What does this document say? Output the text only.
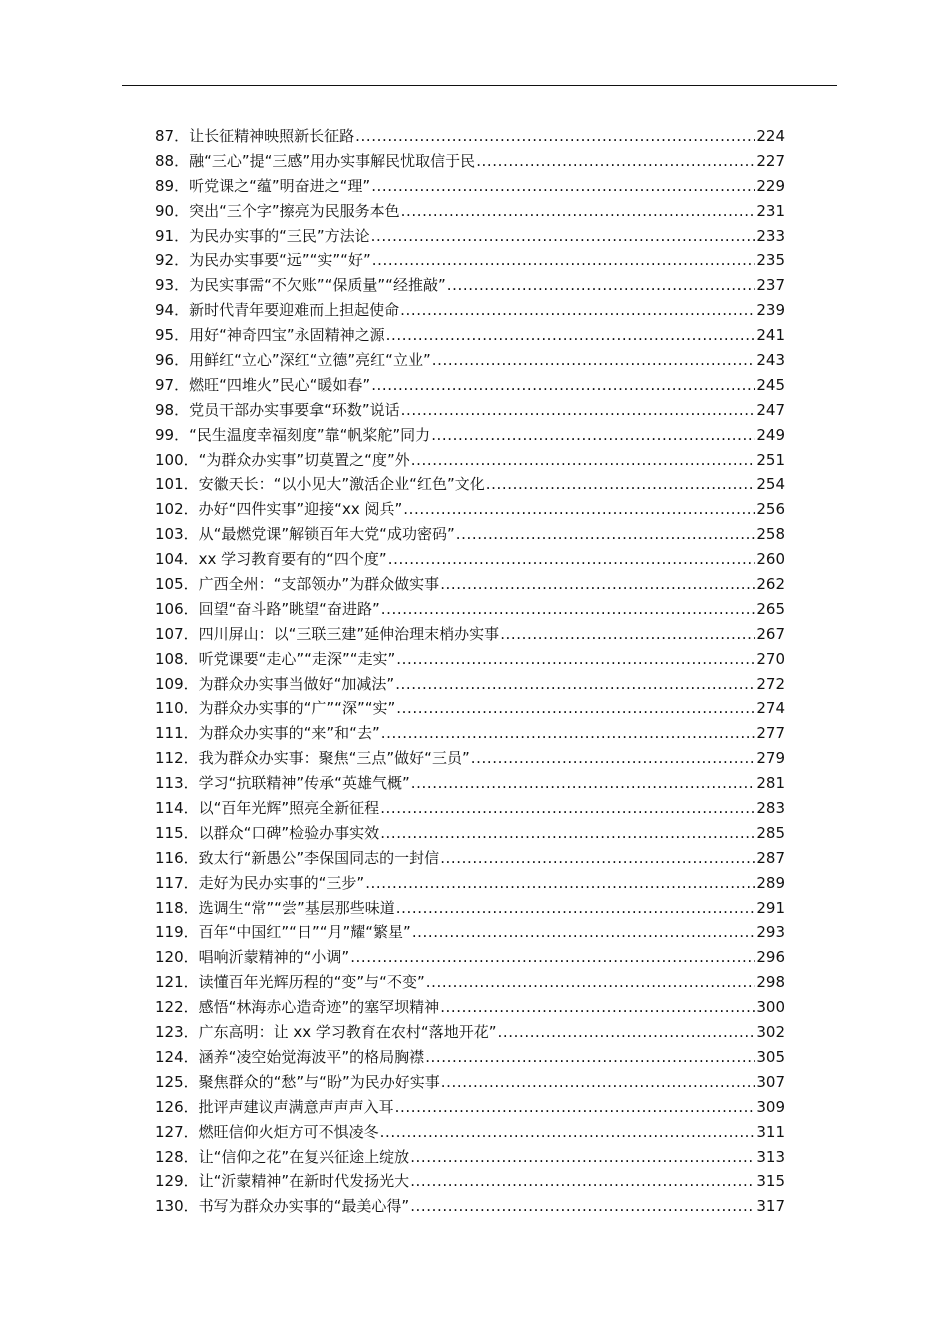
87． 让长征精神映照新长征路 .....	224
88． 融“三心”提“三感”用办实事解民忧取信于民 .....	227
89． 听党课之“蕴”明奋进之“理” .....	229
90． 突出“三个字”擦亮为民服务本色 .....	231
91． 为民办实事的“三民”方法论 .....	233
92． 为民办实事要“远”“实”“好” .....	235
93． 为民实事需“不欠账”“保质量”“经推敲” .....	237
94． 新时代青年要迎难而上担起使命 .....	239
95． 用好“神奇四宝”永固精神之源 .....	241
96． 用鲜红“立心”深红“立德”亮红“立业” .....	243
97． 燃旺“四堆火”民心“暖如春” .....	245
98． 党员干部办实事要拿“环数”说话 .....	247
99． “民生温度幸福刻度”靠“帆桨舵”同力 .....	249
100． “为群众办实事”切莫置之“度”外 .....	251
101． 安徽天长：“以小见大”激活企业“红色”文化 .....	254
102． 办好“四件实事”迎接“xx 阅兵” .....	256
103． 从“最燃党课”解锁百年大党“成功密码” .....	258
104． xx 学习教育要有的“四个度” .....	260
105． 广西全州：“支部领办”为群众做实事 .....	262
106． 回望“奋斗路”眺望“奋进路” .....	265
107． 四川屏山：以“三联三建”延伸治理末梢办实事 .....	267
108． 听党课要“走心”“走深”“走实” .....	270
109． 为群众办实事当做好“加减法” .....	272
110． 为群众办实事的“广”“深”“实” .....	274
111． 为群众办实事的“来”和“去” .....	277
112． 我为群众办实事：聚焦“三点”做好“三员” .....	279
113． 学习“抗联精神”传承“英雄气概” .....	281
114． 以“百年光辉”照亮全新征程 .....	283
115． 以群众“口碑”检验办事实效 .....	285
116． 致太行“新愚公”李保国同志的一封信 .....	287
117． 走好为民办实事的“三步” .....	289
118． 选调生“常”“尝”基层那些味道 .....	291
119． 百年“中国红”“日”“月”耀“繁星” .....	293
120． 唱响沂蒙精神的“小调” .....	296
121． 读懂百年光辉历程的“变”与“不变” .....	298
122． 感悟“林海赤心造奇迹”的塞罕坝精神 .....	300
123． 广东高明：让 xx 学习教育在农村“落地开花” .....	302
124． 涵养“凌空始觉海波平”的格局胸襟 .....	305
125． 聚焦群众的“愁”与“盼”为民办好实事 .....	307
126． 批评声建议声满意声声声入耳 .....	309
127． 燃旺信仰火炬方可不惧凌冬 .....	311
128． 让“信仰之花”在复兴征途上绽放 .....	313
129． 让“沂蒙精神”在新时代发扬光大 .....	315
130． 书写为群众办实事的“最美心得” .....	317
